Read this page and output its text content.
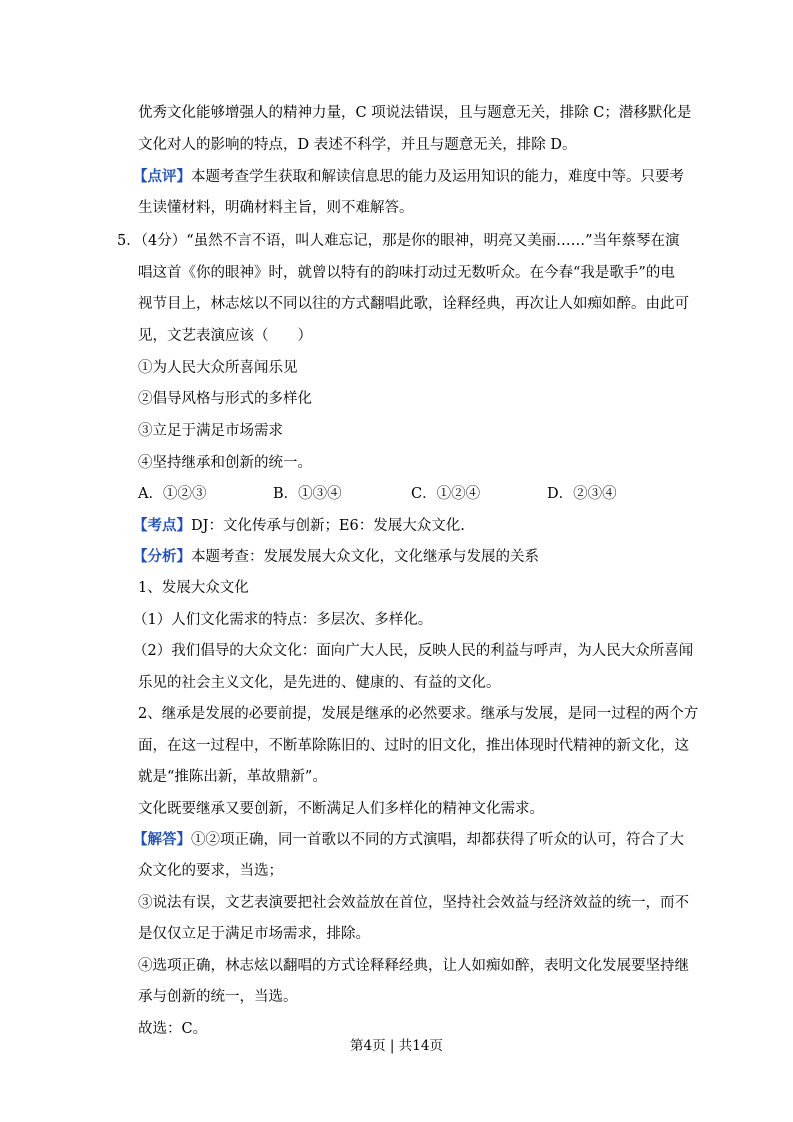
优秀文化能够增强人的精神力量，C 项说法错误，且与题意无关，排除 C；潜移默化是
文化对人的影响的特点，D 表述不科学，并且与题意无关，排除 D。
【点评】本题考查学生获取和解读信息思的能力及运用知识的能力，难度中等。只要考
生读懂材料，明确材料主旨，则不难解答。
5．（4分）“虽然不言不语，叫人难忘记，那是你的眼神，明亮又美丽……”当年蔡琴在演
唱这首《你的眼神》时，就曾以特有的韵味打动过无数听众。在今春“我是歌手”的电
视节目上，林志炫以不同以往的方式翻唱此歌，诠释经典，再次让人如痴如醉。由此可
见，文艺表演应该（　　）
①为人民大众所喜闻乐见
②倡导风格与形式的多样化
③立足于满足市场需求
④坚持继承和创新的统一。
A．①②③	B．①③④	C．①②④	D．②③④
【考点】DJ：文化传承与创新；E6：发展大众文化.
【分析】本题考查：发展发展大众文化，文化继承与发展的关系
1、发展大众文化
（1）人们文化需求的特点：多层次、多样化。
（2）我们倡导的大众文化：面向广大人民，反映人民的利益与呼声，为人民大众所喜闻
乐见的社会主义文化，是先进的、健康的、有益的文化。
2、继承是发展的必要前提，发展是继承的必然要求。继承与发展，是同一过程的两个方
面，在这一过程中，不断革除陈旧的、过时的旧文化，推出体现时代精神的新文化，这
就是“推陈出新，革故鼎新”。
文化既要继承又要创新，不断满足人们多样化的精神文化需求。
【解答】①②项正确，同一首歌以不同的方式演唱，却都获得了听众的认可，符合了大
众文化的要求，当选；
③说法有误，文艺表演要把社会效益放在首位，坚持社会效益与经济效益的统一，而不
是仅仅立足于满足市场需求，排除。
④选项正确，林志炫以翻唱的方式诠释释经典，让人如痴如醉，表明文化发展要坚持继
承与创新的统一，当选。
故选：C。
第4页 | 共14页
